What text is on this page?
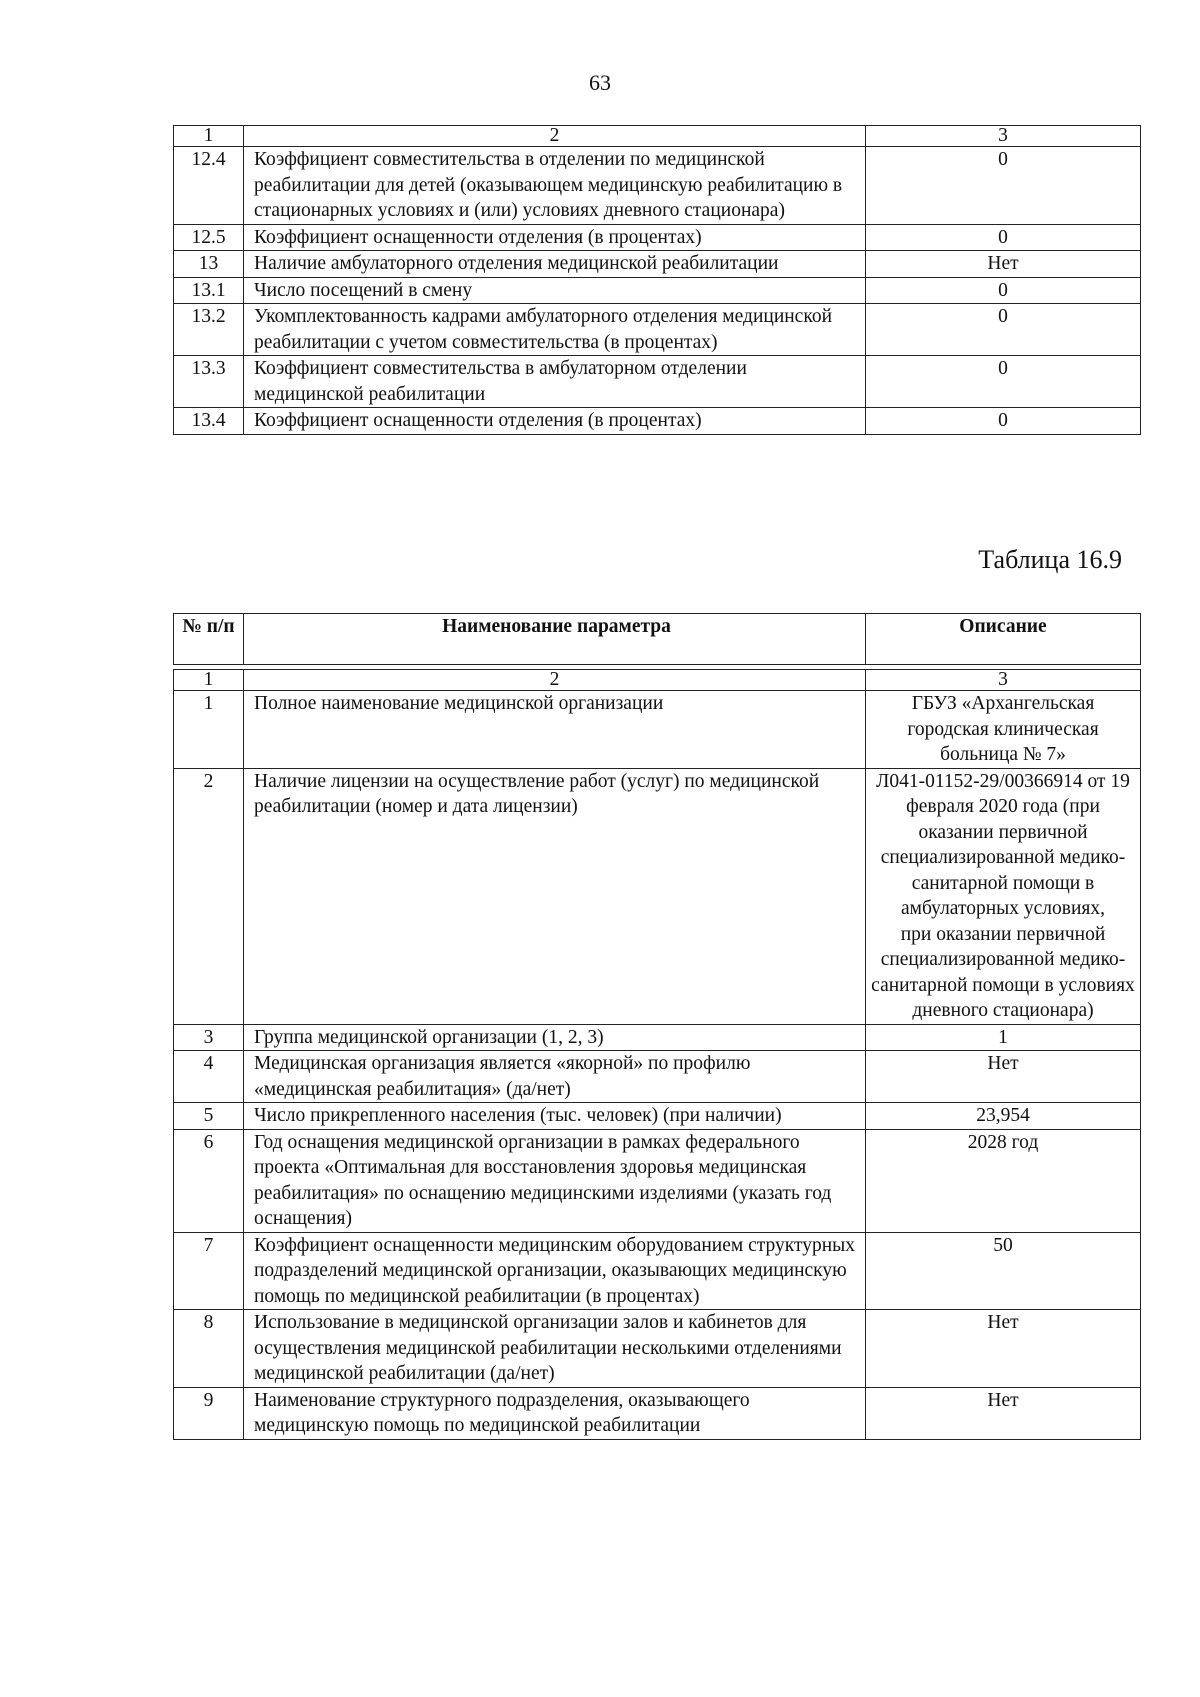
63
1	2	3
12.4	Коэффициент совместительства в отделении по медицинской реабилитации для детей (оказывающем медицинскую реабилитацию в стационарных условиях и (или) условиях дневного стационара)	0
12.5	Коэффициент оснащенности отделения (в процентах)	0
13	Наличие амбулаторного отделения медицинской реабилитации	Нет
13.1	Число посещений в смену	0
13.2	Укомплектованность кадрами амбулаторного отделения медицинской реабилитации с учетом совместительства (в процентах)	0
13.3	Коэффициент совместительства в амбулаторном отделении медицинской реабилитации	0
13.4	Коэффициент оснащенности отделения (в процентах)	0
Таблица 16.9
№ п/п	Наименование параметра	Описание
1	2	3
1	Полное наименование медицинской организации	ГБУЗ «Архангельская городская клиническая больница № 7»
2	Наличие лицензии на осуществление работ (услуг) по медицинской реабилитации (номер и дата лицензии)	Л041-01152-29/00366914 от 19 февраля 2020 года (при оказании первичной специализированной медико-санитарной помощи в амбулаторных условиях,
при оказании первичной специализированной медико-санитарной помощи в условиях дневного стационара)
3	Группа медицинской организации (1, 2, 3)	1
4	Медицинская организация является «якорной» по профилю «медицинская реабилитация» (да/нет)	Нет
5	Число прикрепленного населения (тыс. человек) (при наличии)	23,954
6	Год оснащения медицинской организации в рамках федерального проекта «Оптимальная для восстановления здоровья медицинская реабилитация» по оснащению медицинскими изделиями (указать год оснащения)	2028 год
7	Коэффициент оснащенности медицинским оборудованием структурных подразделений медицинской организации, оказывающих медицинскую помощь по медицинской реабилитации (в процентах)	50
8	Использование в медицинской организации залов и кабинетов для осуществления медицинской реабилитации несколькими отделениями медицинской реабилитации (да/нет)	Нет
9	Наименование структурного подразделения, оказывающего медицинскую помощь по медицинской реабилитации	Нет
